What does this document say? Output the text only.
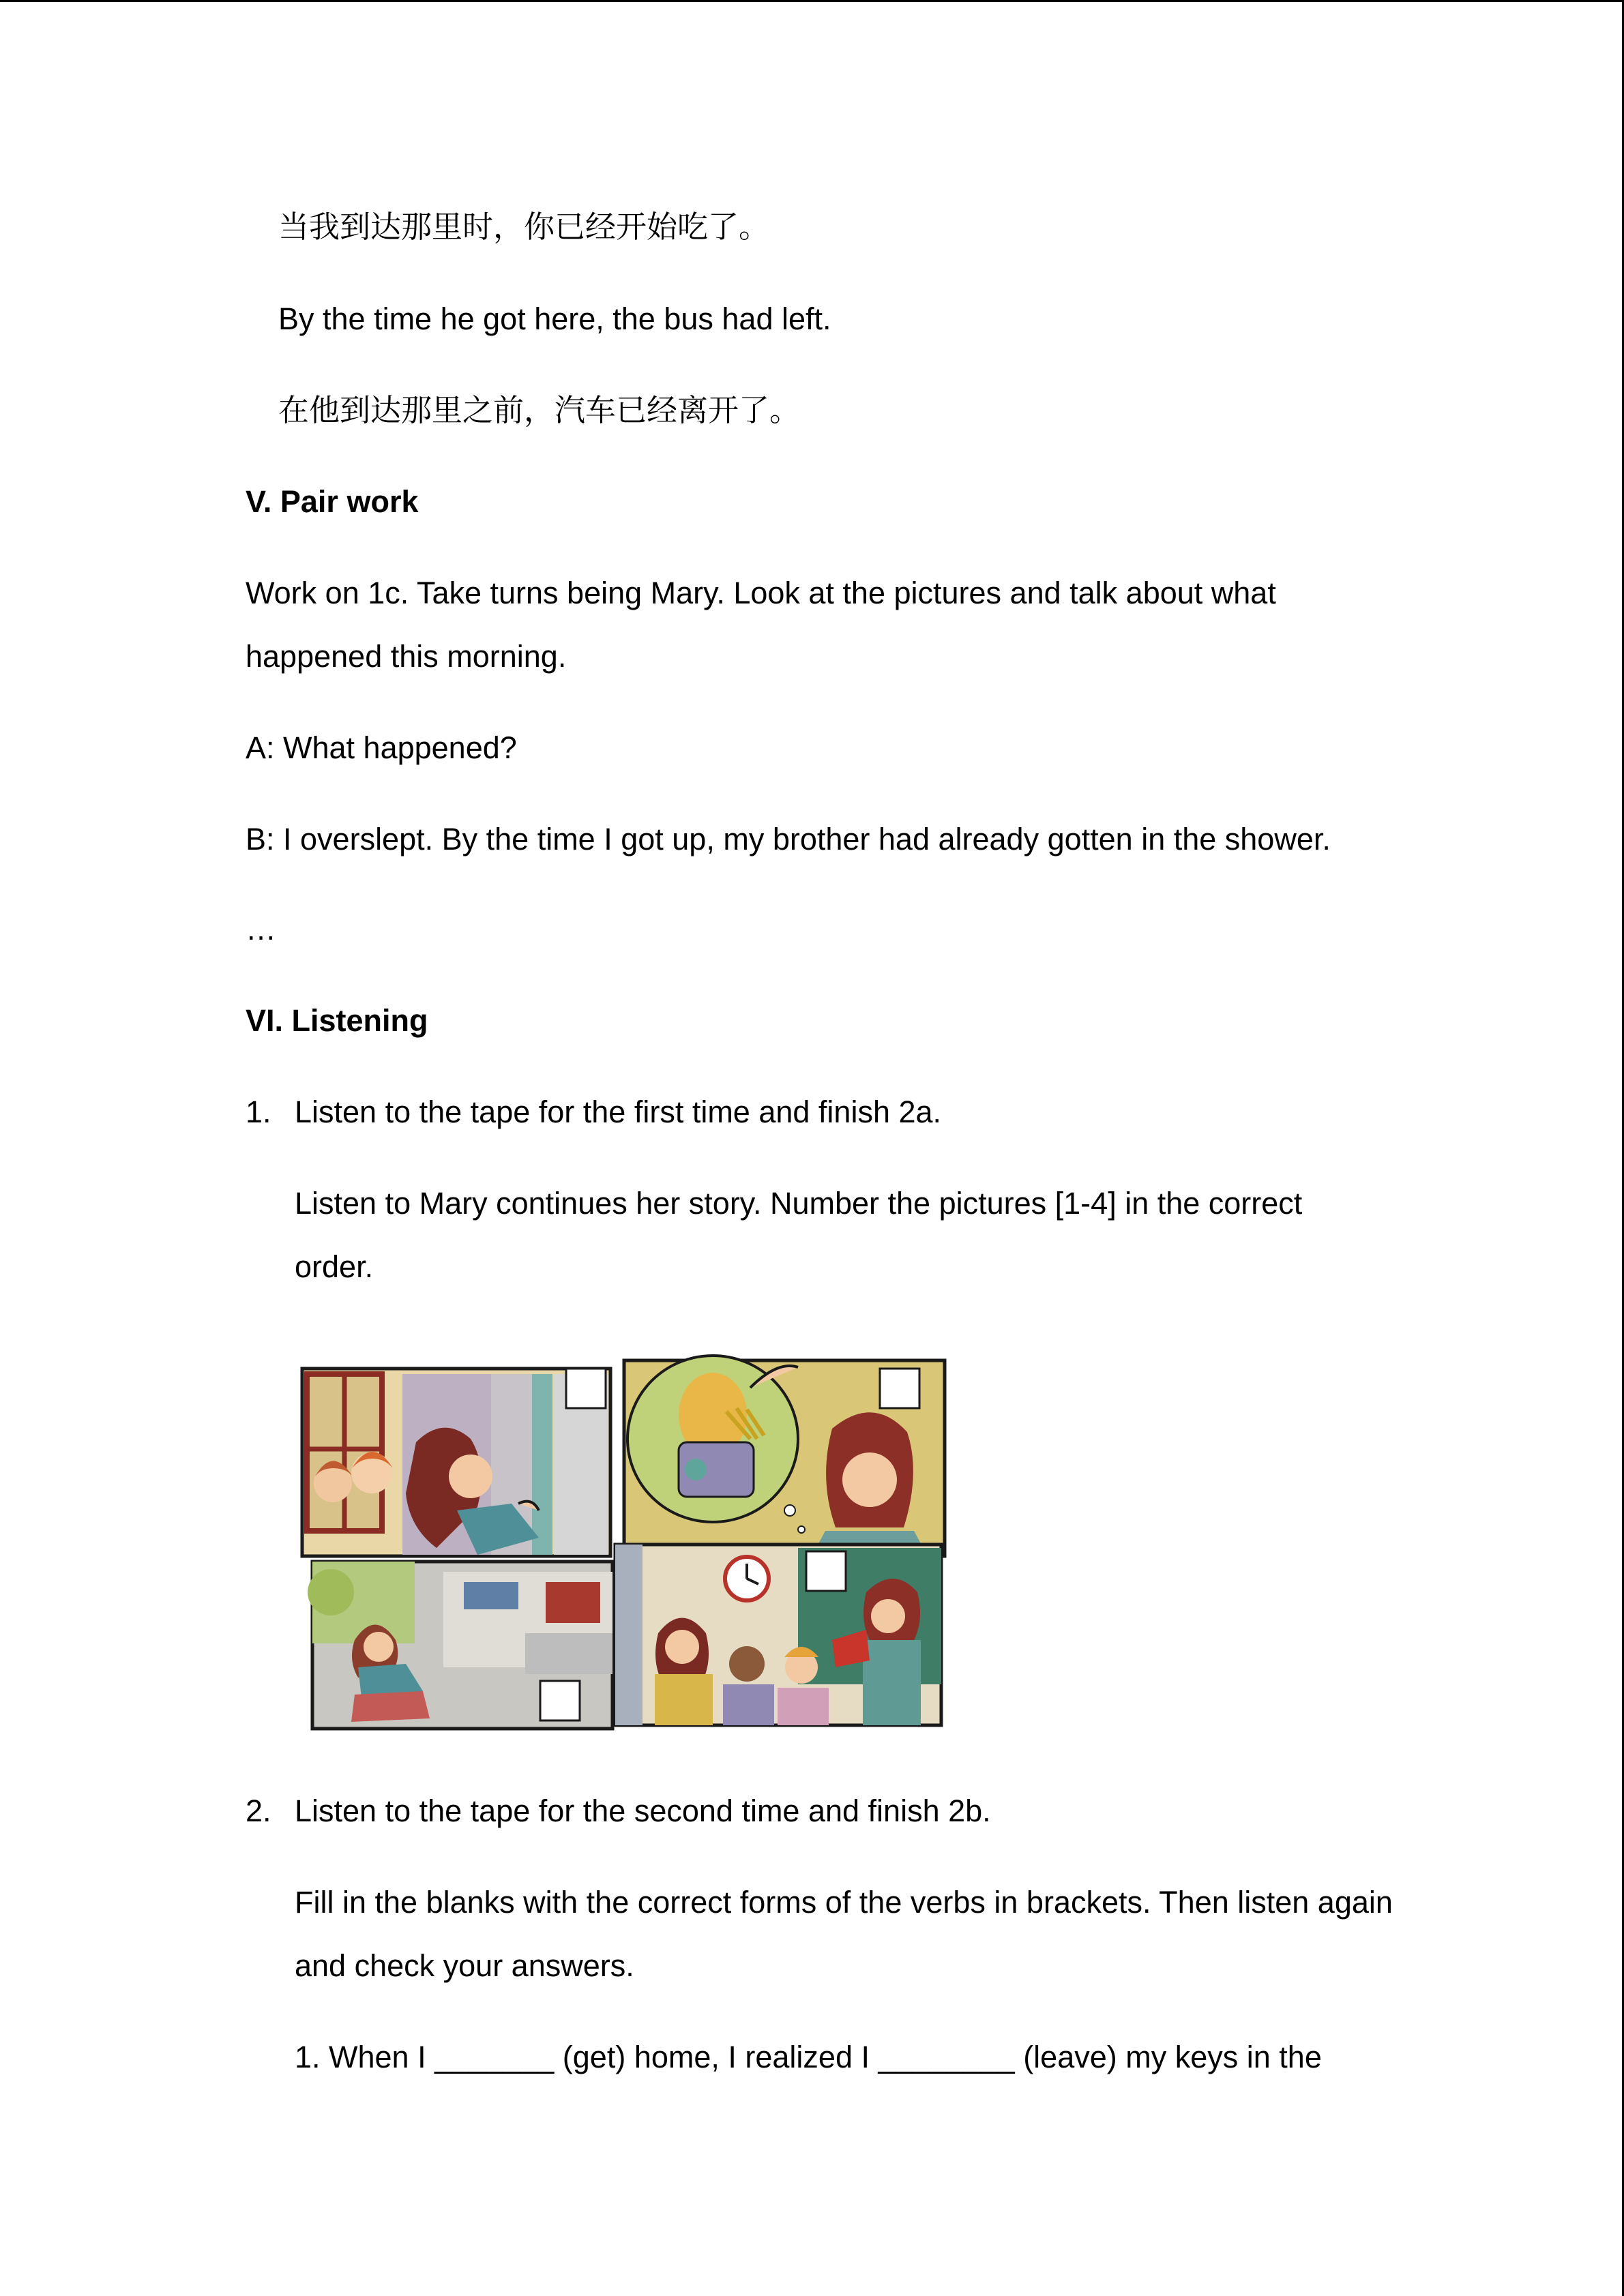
当我到达那里时，你已经开始吃了。

By the time he got here, the bus had left.

在他到达那里之前，汽车已经离开了。

V. Pair work

Work on 1c. Take turns being Mary. Look at the pictures and talk about what

happened this morning.

A: What happened?

B: I overslept. By the time I got up, my brother had already gotten in the shower.

…

VI. Listening

1. Listen to the tape for the first time and finish 2a.

Listen to Mary continues her story. Number the pictures [1-4] in the correct

order.

2. Listen to the tape for the second time and finish 2b.

Fill in the blanks with the correct forms of the verbs in brackets. Then listen again

and check your answers.

1. When I _______ (get) home, I realized I ________ (leave) my keys in the
